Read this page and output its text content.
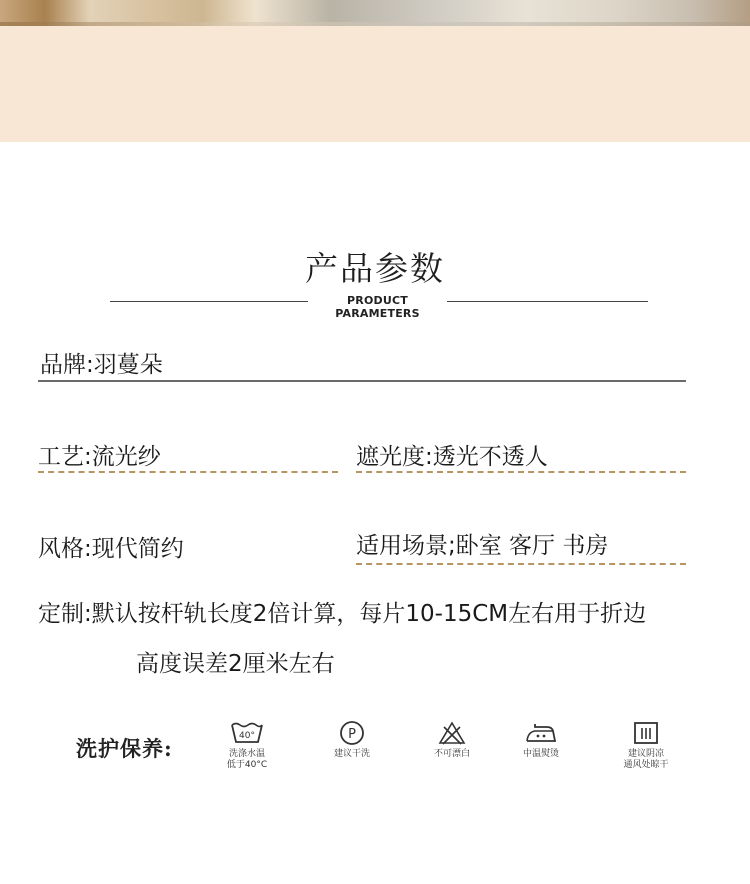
产品参数
PRODUCT PARAMETERS
品牌:羽蔓朵
工艺:流光纱	遮光度:透光不透人
风格:现代简约	适用场景;卧室 客厅 书房
定制:默认按杆轨长度2倍计算，每片10-15CM左右用于折边
高度误差2厘米左右
洗护保养:	40°
洗涤水温
低于40°C
P
建议干洗	不可漂白	中温熨烫	建议阴凉
通风处晾干
